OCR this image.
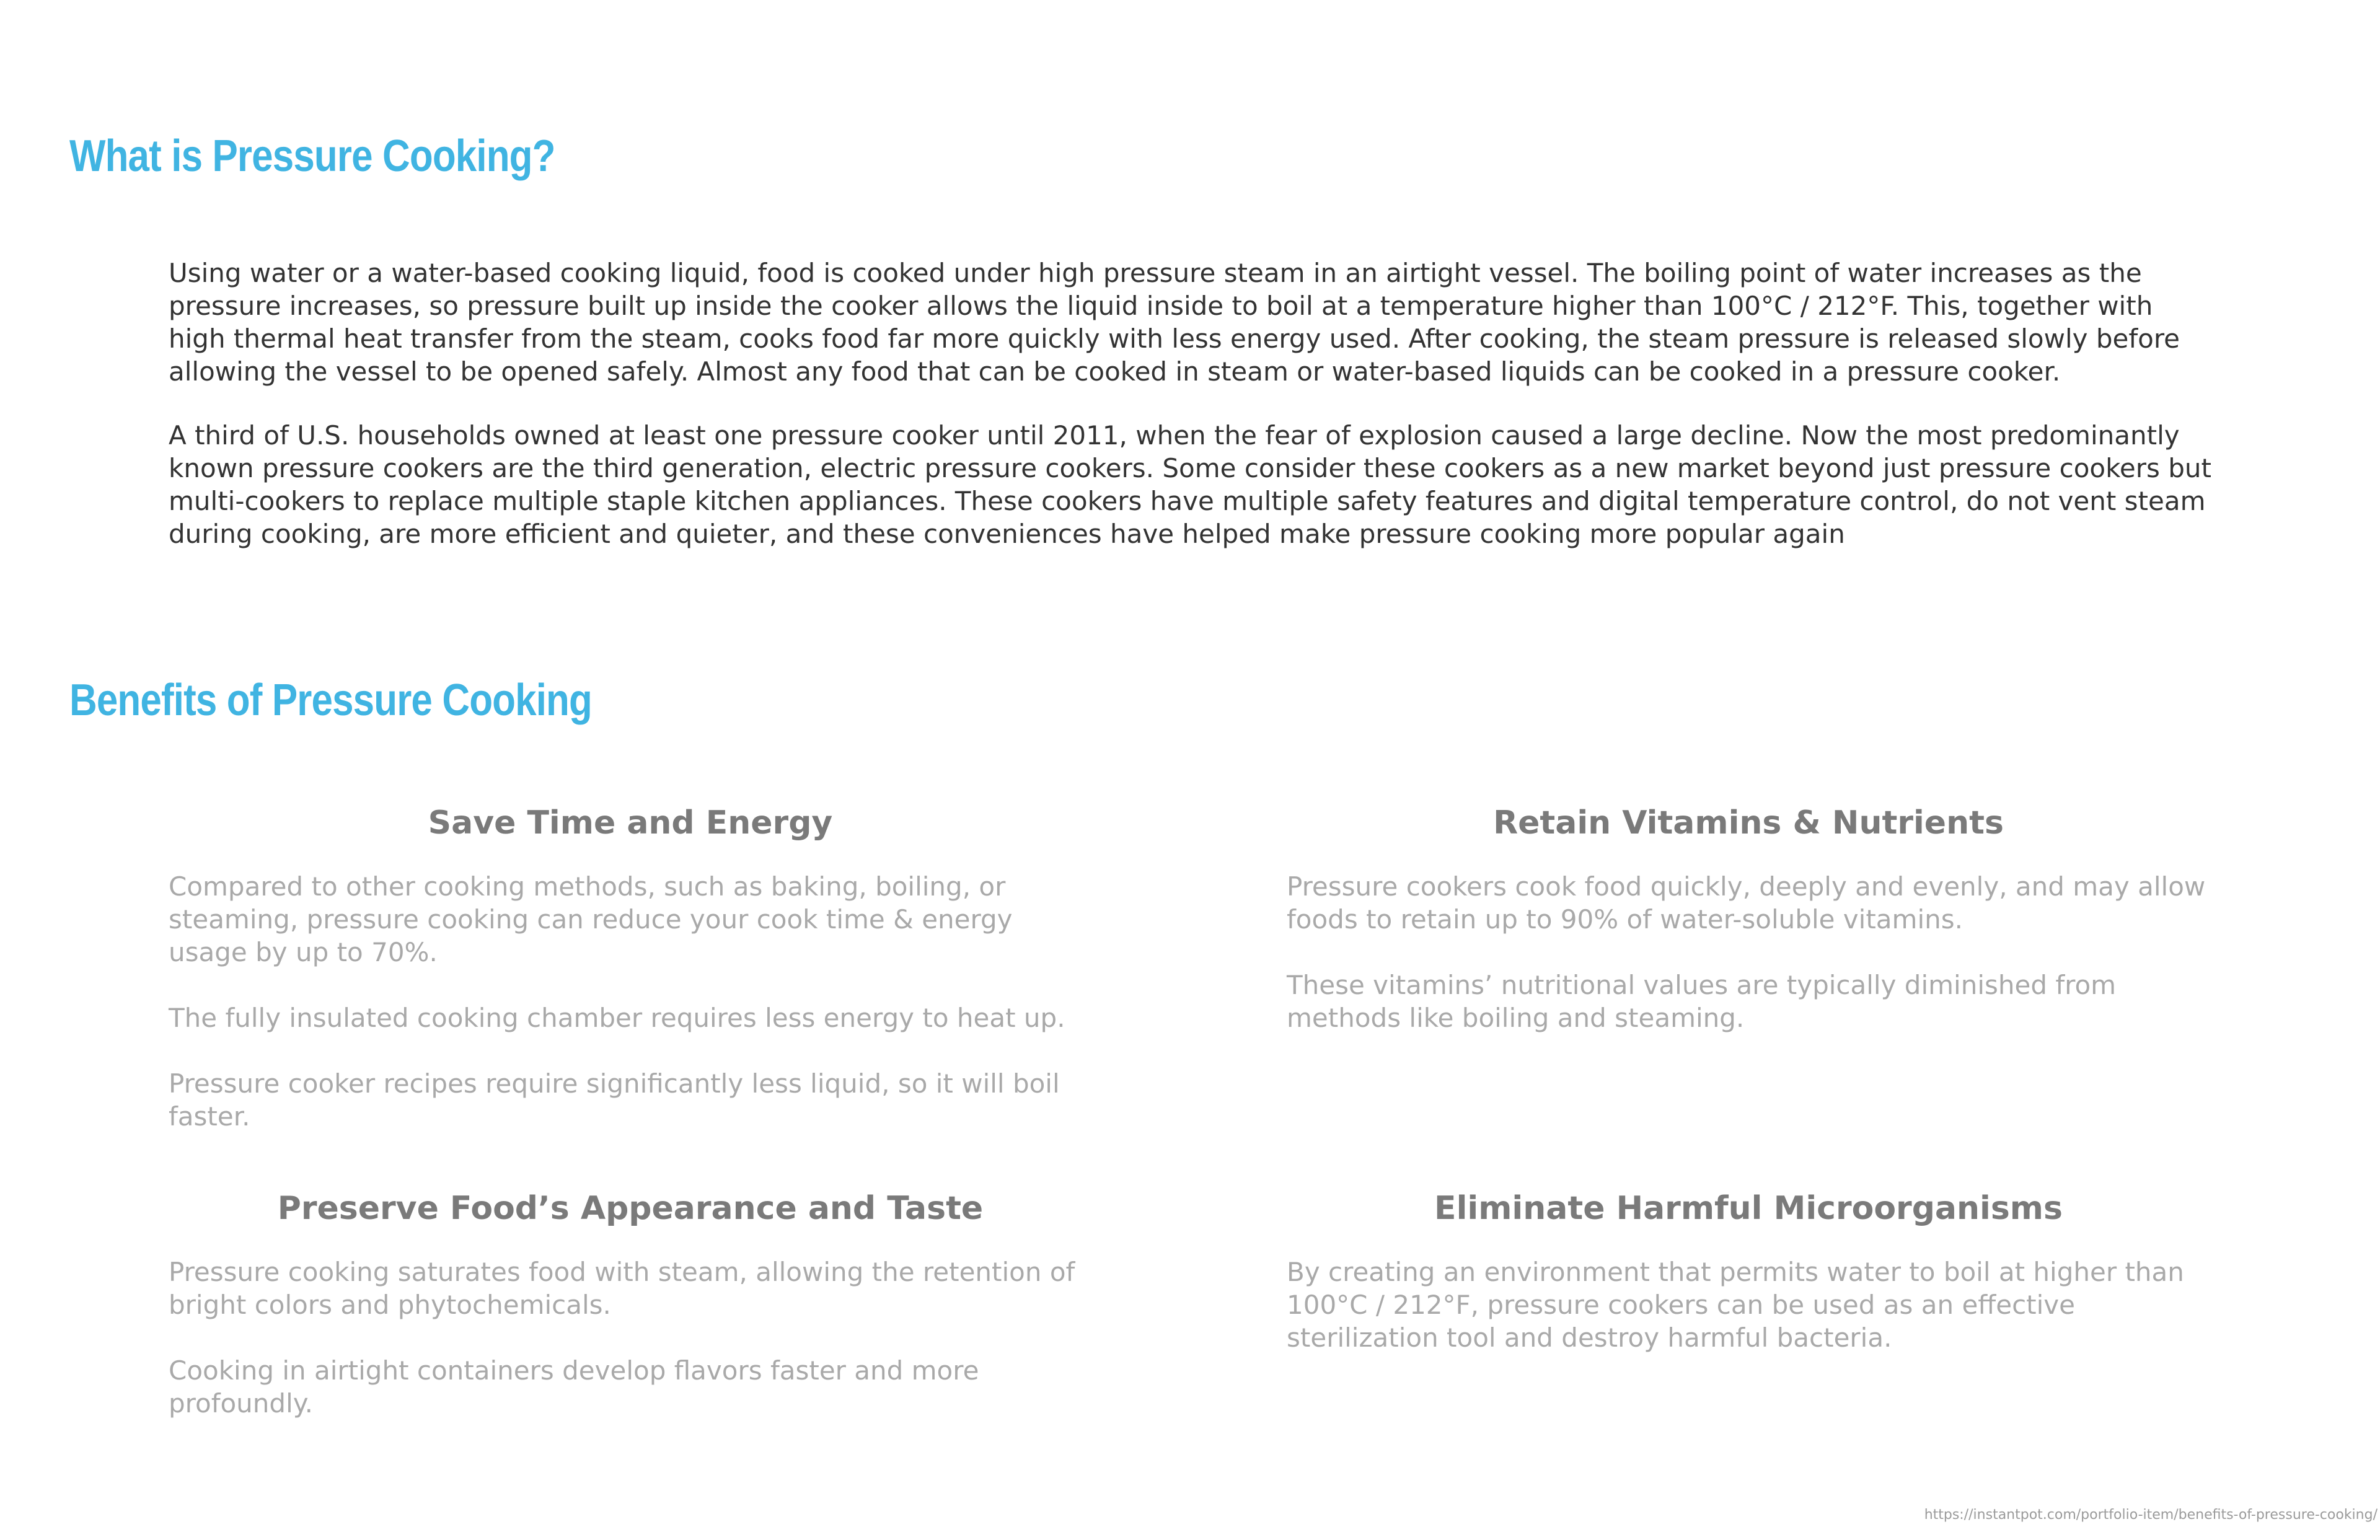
What is Pressure Cooking?

Using water or a water-based cooking liquid, food is cooked under high pressure steam in an airtight vessel. The boiling point of water increases as the pressure increases, so pressure built up inside the cooker allows the liquid inside to boil at a temperature higher than 100°C / 212°F. This, together with high thermal heat transfer from the steam, cooks food far more quickly with less energy used. After cooking, the steam pressure is released slowly before allowing the vessel to be opened safely. Almost any food that can be cooked in steam or water-based liquids can be cooked in a pressure cooker.

A third of U.S. households owned at least one pressure cooker until 2011, when the fear of explosion caused a large decline. Now the most predominantly known pressure cookers are the third generation, electric pressure cookers. Some consider these cookers as a new market beyond just pressure cookers but multi-cookers to replace multiple staple kitchen appliances. These cookers have multiple safety features and digital temperature control, do not vent steam during cooking, are more efficient and quieter, and these conveniences have helped make pressure cooking more popular again

Benefits of Pressure Cooking
Save Time and Energy

Compared to other cooking methods, such as baking, boiling, or steaming, pressure cooking can reduce your cook time & energy usage by up to 70%.

The fully insulated cooking chamber requires less energy to heat up.

Pressure cooker recipes require significantly less liquid, so it will boil faster.

Retain Vitamins & Nutrients

Pressure cookers cook food quickly, deeply and evenly, and may allow foods to retain up to 90% of water-soluble vitamins.

These vitamins’ nutritional values are typically diminished from methods like boiling and steaming.

Preserve Food’s Appearance and Taste

Pressure cooking saturates food with steam, allowing the retention of bright colors and phytochemicals.

Cooking in airtight containers develop flavors faster and more profoundly.

Eliminate Harmful Microorganisms

By creating an environment that permits water to boil at higher than 100°C / 212°F, pressure cookers can be used as an effective sterilization tool and destroy harmful bacteria.

https://instantpot.com/portfolio-item/benefits-of-pressure-cooking/
